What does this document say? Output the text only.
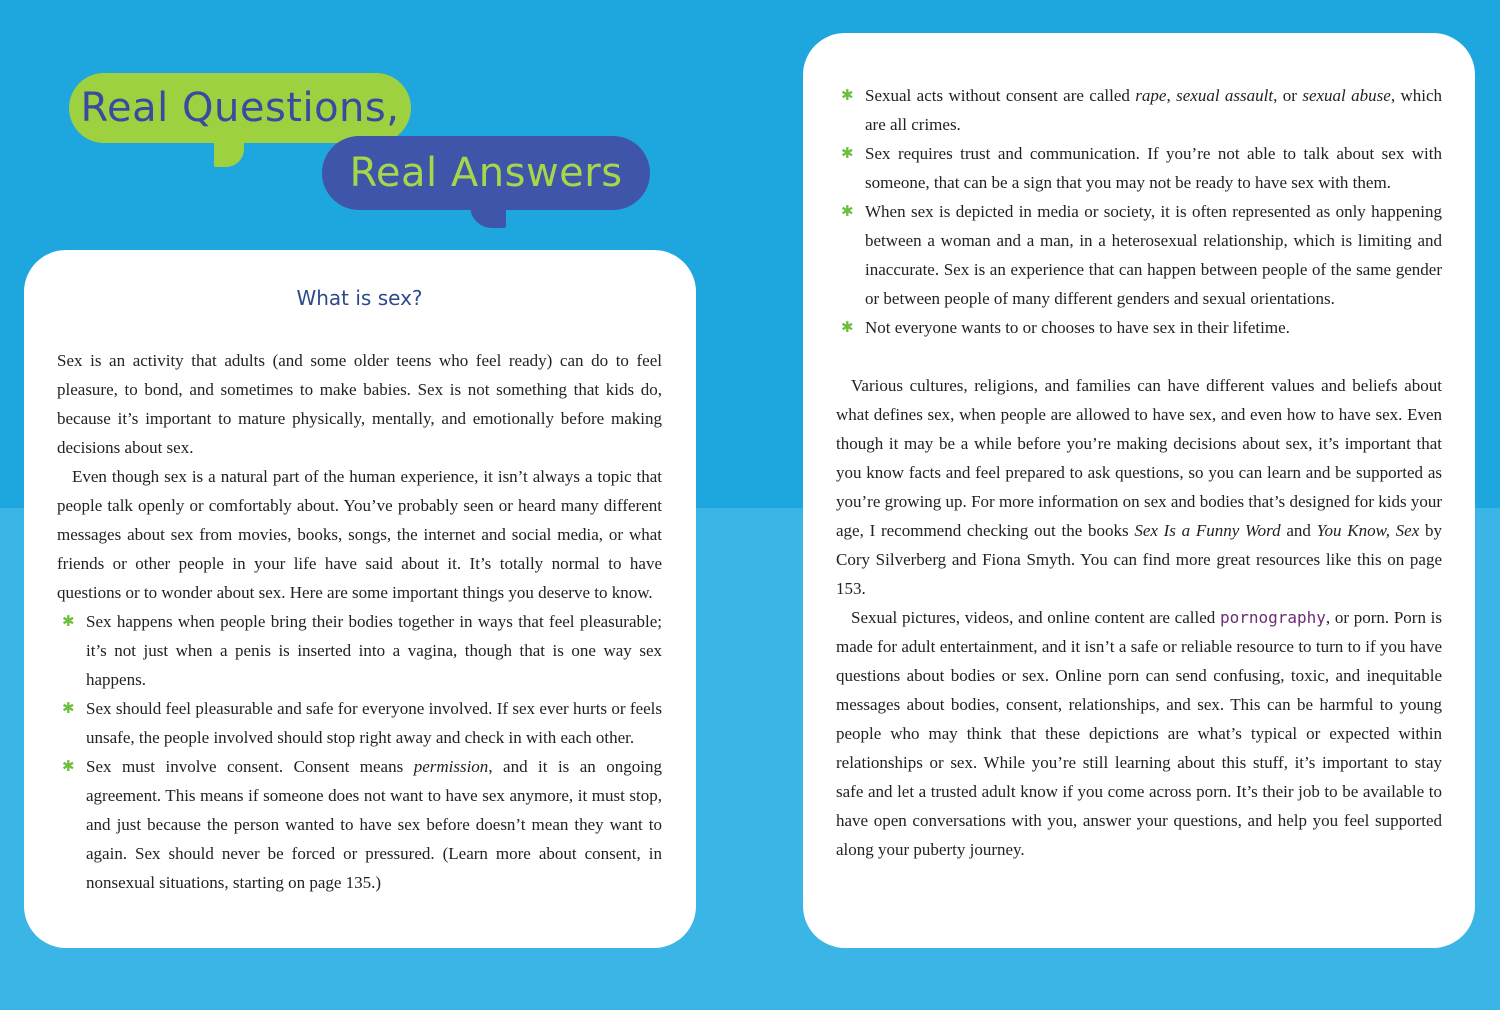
Real Questions,
Real Answers
What is sex?

Sex is an activity that adults (and some older teens who feel ready) can do to feel pleasure, to bond, and sometimes to make babies. Sex is not something that kids do, because it’s important to mature physically, mentally, and emotionally before making decisions about sex.

Even though sex is a natural part of the human experience, it isn’t always a topic that people talk openly or comfortably about. You’ve probably seen or heard many different messages about sex from movies, books, songs, the internet and social media, or what friends or other people in your life have said about it. It’s totally normal to have questions or to wonder about sex. Here are some important things you deserve to know.

✱ Sex happens when people bring their bodies together in ways that feel pleasurable; it’s not just when a penis is inserted into a vagina, though that is one way sex happens.
✱ Sex should feel pleasurable and safe for everyone involved. If sex ever hurts or feels unsafe, the people involved should stop right away and check in with each other.
✱ Sex must involve consent. Consent means permission, and it is an ongoing agreement. This means if someone does not want to have sex anymore, it must stop, and just because the person wanted to have sex before doesn’t mean they want to again. Sex should never be forced or pressured. (Learn more about consent, in nonsexual situations, starting on page 135.)
✱ Sexual acts without consent are called rape, sexual assault, or sexual abuse, which are all crimes.
✱ Sex requires trust and communication. If you’re not able to talk about sex with someone, that can be a sign that you may not be ready to have sex with them.
✱ When sex is depicted in media or society, it is often represented as only happening between a woman and a man, in a heterosexual relationship, which is limiting and inaccurate. Sex is an experience that can happen between people of the same gender or between people of many different genders and sexual orientations.
✱ Not everyone wants to or chooses to have sex in their lifetime.

Various cultures, religions, and families can have different values and beliefs about what defines sex, when people are allowed to have sex, and even how to have sex. Even though it may be a while before you’re making decisions about sex, it’s important that you know facts and feel prepared to ask questions, so you can learn and be supported as you’re growing up. For more information on sex and bodies that’s designed for kids your age, I recommend checking out the books Sex Is a Funny Word and You Know, Sex by Cory Silverberg and Fiona Smyth. You can find more great resources like this on page 153.

Sexual pictures, videos, and online content are called pornography, or porn. Porn is made for adult entertainment, and it isn’t a safe or reliable resource to turn to if you have questions about bodies or sex. Online porn can send confusing, toxic, and inequitable messages about bodies, consent, relationships, and sex. This can be harmful to young people who may think that these depictions are what’s typical or expected within relationships or sex. While you’re still learning about this stuff, it’s important to stay safe and let a trusted adult know if you come across porn. It’s their job to be available to have open conversations with you, answer your questions, and help you feel supported along your puberty journey.
